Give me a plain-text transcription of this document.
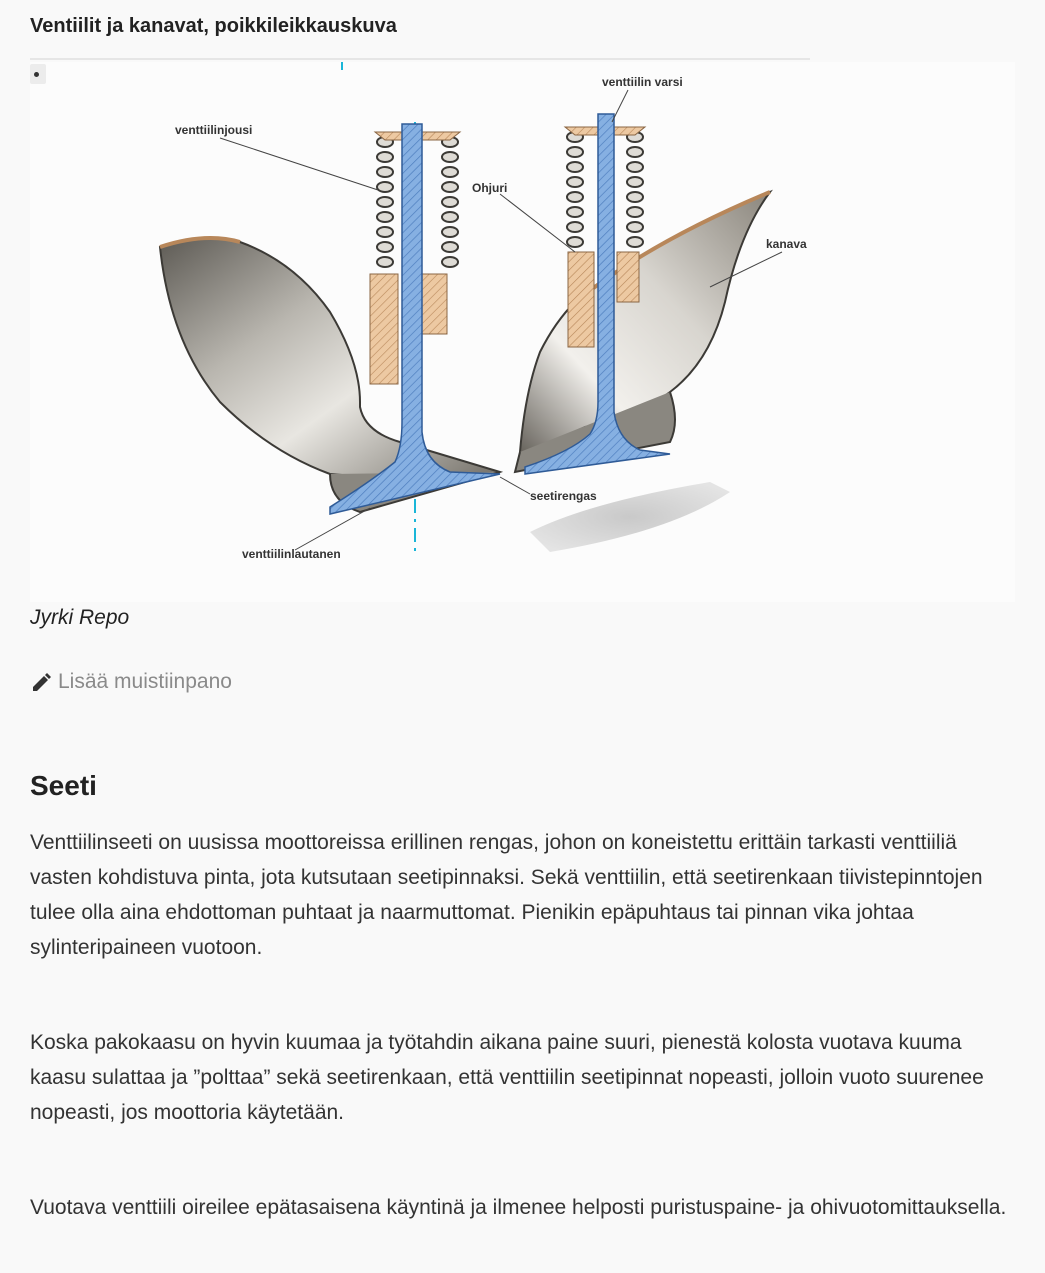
Ventiilit ja kanavat, poikkileikkauskuva
venttiilinjousi
venttiilin varsi
Ohjuri
kanava
seetirengas
venttiilinlautanen
Jyrki Repo
Lisää muistiinpano
Seeti

Venttiilinseeti on uusissa moottoreissa erillinen rengas, johon on koneistettu erittäin tarkasti venttiiliä vasten kohdistuva pinta, jota kutsutaan seetipinnaksi. Sekä venttiilin, että seetirenkaan tiivistepinntojen tulee olla aina ehdottoman puhtaat ja naarmuttomat. Pienikin epäpuhtaus tai pinnan vika johtaa sylinteripaineen vuotoon.

Koska pakokaasu on hyvin kuumaa ja työtahdin aikana paine suuri, pienestä kolosta vuotava kuuma kaasu sulattaa ja ”polttaa” sekä seetirenkaan, että venttiilin seetipinnat nopeasti, jolloin vuoto suurenee nopeasti, jos moottoria käytetään.

Vuotava venttiili oireilee epätasaisena käyntinä ja ilmenee helposti puristuspaine- ja ohivuotomittauksella.
